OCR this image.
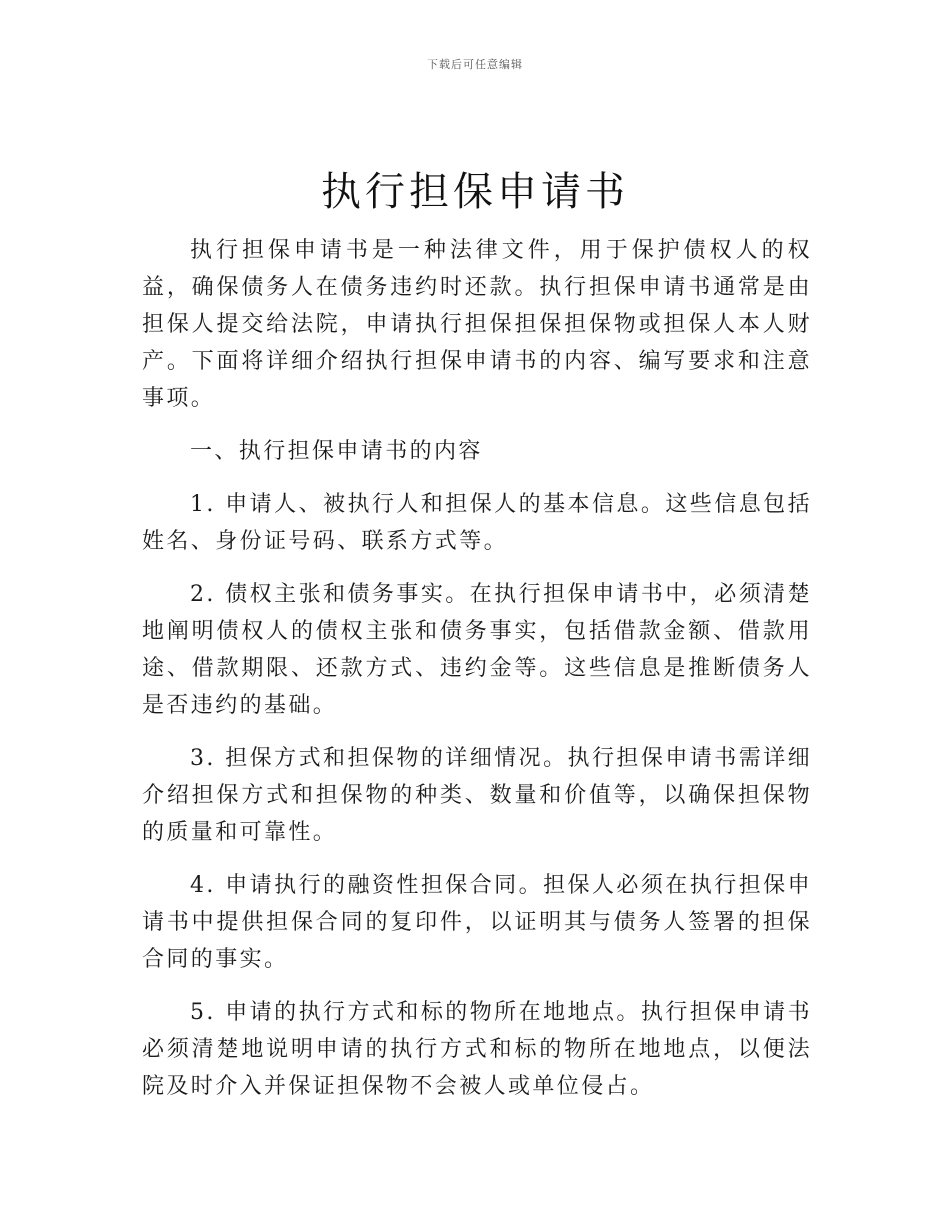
下载后可任意编辑
执行担保申请书

执行担保申请书是一种法律文件，用于保护债权人的权益，确保债务人在债务违约时还款。执行担保申请书通常是由担保人提交给法院，申请执行担保担保担保物或担保人本人财产。下面将详细介绍执行担保申请书的内容、编写要求和注意事项。

一、执行担保申请书的内容

1. 申请人、被执行人和担保人的基本信息。这些信息包括姓名、身份证号码、联系方式等。

2. 债权主张和债务事实。在执行担保申请书中，必须清楚地阐明债权人的债权主张和债务事实，包括借款金额、借款用途、借款期限、还款方式、违约金等。这些信息是推断债务人是否违约的基础。

3. 担保方式和担保物的详细情况。执行担保申请书需详细介绍担保方式和担保物的种类、数量和价值等，以确保担保物的质量和可靠性。

4. 申请执行的融资性担保合同。担保人必须在执行担保申请书中提供担保合同的复印件，以证明其与债务人签署的担保合同的事实。

5. 申请的执行方式和标的物所在地地点。执行担保申请书必须清楚地说明申请的执行方式和标的物所在地地点，以便法院及时介入并保证担保物不会被人或单位侵占。
